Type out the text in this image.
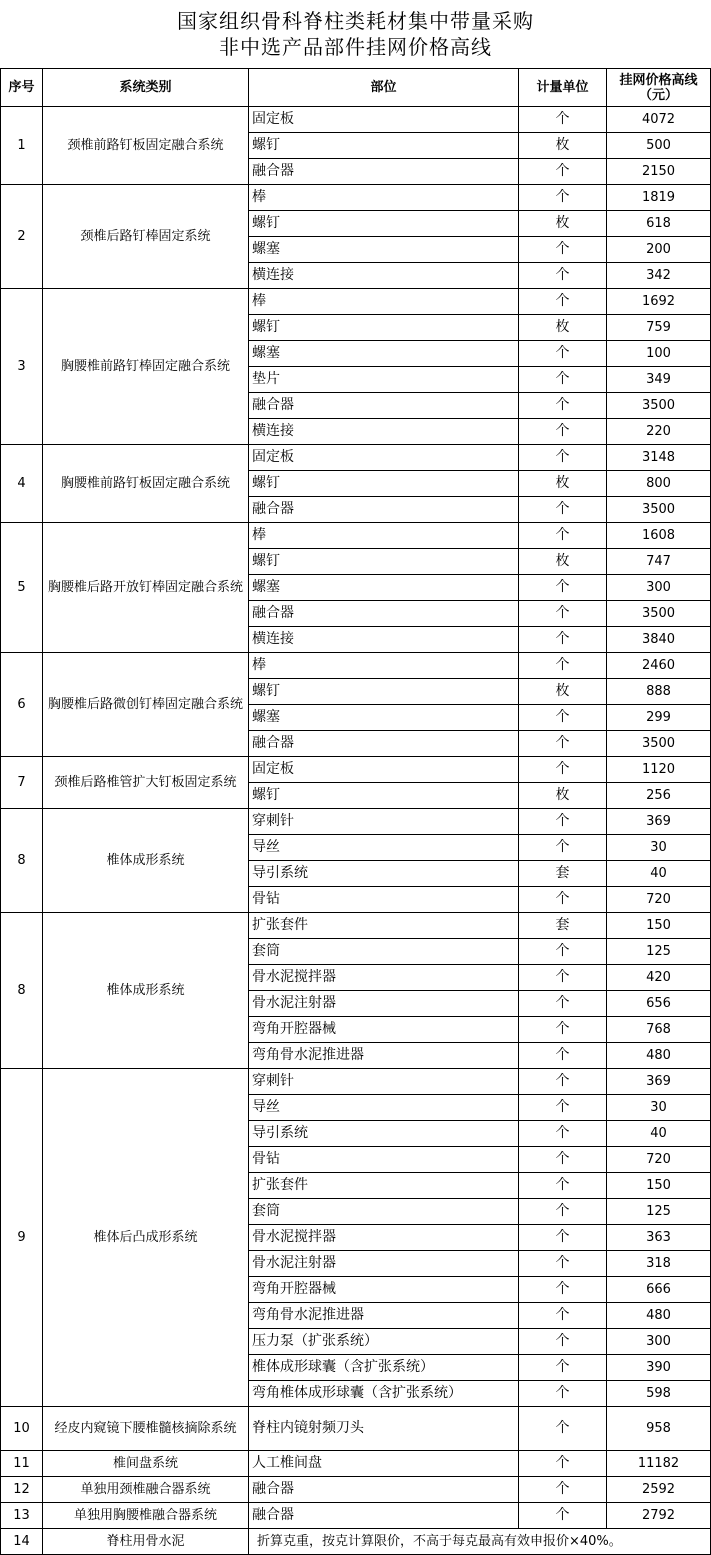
国家组织骨科脊柱类耗材集中带量采购
非中选产品部件挂网价格高线
序号	系统类别	部位	计量单位	挂网价格高线（元）
1	颈椎前路钉板固定融合系统	固定板	个	4072
		螺钉	枚	500
		融合器	个	2150
2	颈椎后路钉棒固定系统	棒	个	1819
		螺钉	枚	618
		螺塞	个	200
		横连接	个	342
3	胸腰椎前路钉棒固定融合系统	棒	个	1692
		螺钉	枚	759
		螺塞	个	100
		垫片	个	349
		融合器	个	3500
		横连接	个	220
4	胸腰椎前路钉板固定融合系统	固定板	个	3148
		螺钉	枚	800
		融合器	个	3500
5	胸腰椎后路开放钉棒固定融合系统	棒	个	1608
		螺钉	枚	747
		螺塞	个	300
		融合器	个	3500
		横连接	个	3840
6	胸腰椎后路微创钉棒固定融合系统	棒	个	2460
		螺钉	枚	888
		螺塞	个	299
		融合器	个	3500
7	颈椎后路椎管扩大钉板固定系统	固定板	个	1120
		螺钉	枚	256
8	椎体成形系统	穿刺针	个	369
		导丝	个	30
		导引系统	套	40
		骨钻	个	720
8	椎体成形系统	扩张套件	套	150
		套筒	个	125
		骨水泥搅拌器	个	420
		骨水泥注射器	个	656
		弯角开腔器械	个	768
		弯角骨水泥推进器	个	480
9	椎体后凸成形系统	穿刺针	个	369
		导丝	个	30
		导引系统	个	40
		骨钻	个	720
		扩张套件	个	150
		套筒	个	125
		骨水泥搅拌器	个	363
		骨水泥注射器	个	318
		弯角开腔器械	个	666
		弯角骨水泥推进器	个	480
		压力泵（扩张系统）	个	300
		椎体成形球囊（含扩张系统）	个	390
		弯角椎体成形球囊（含扩张系统）	个	598
10	经皮内窥镜下腰椎髓核摘除系统	脊柱内镜射频刀头	个	958
11	椎间盘系统	人工椎间盘	个	11182
12	单独用颈椎融合器系统	融合器	个	2592
13	单独用胸腰椎融合器系统	融合器	个	2792
14	脊柱用骨水泥	折算克重，按克计算限价，不高于每克最高有效申报价×40%。		
